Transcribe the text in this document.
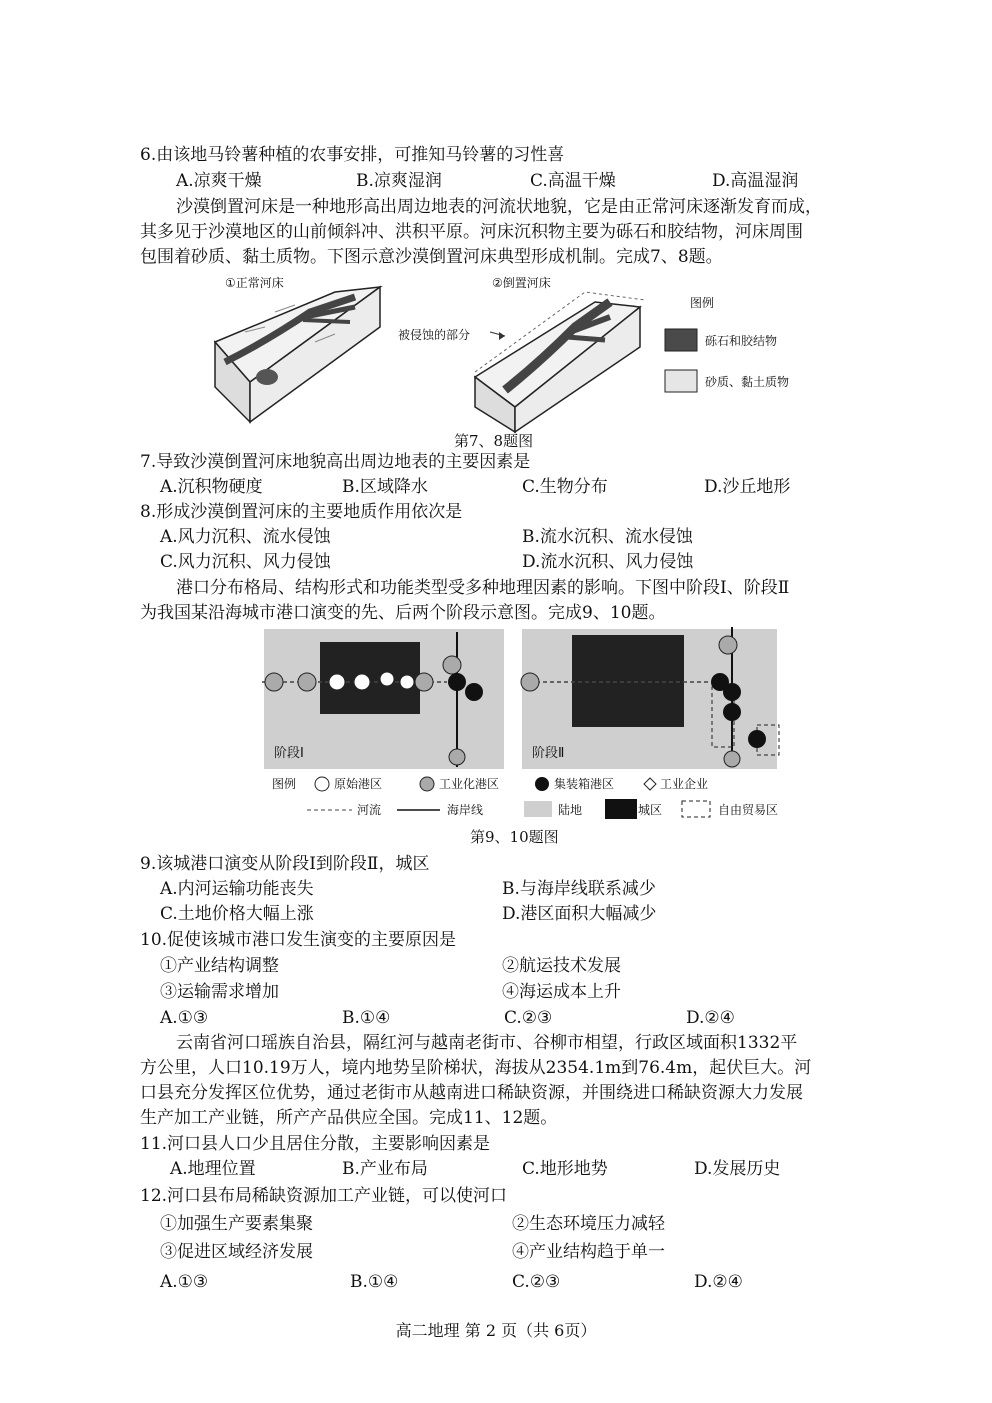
6.由该地马铃薯种植的农事安排，可推知马铃薯的习性喜
A.凉爽干燥	B.凉爽湿润	C.高温干燥	D.高温湿润
沙漠倒置河床是一种地形高出周边地表的河流状地貌，它是由正常河床逐渐发育而成，
其多见于沙漠地区的山前倾斜冲、洪积平原。河床沉积物主要为砾石和胶结物，河床周围
包围着砂质、黏土质物。下图示意沙漠倒置河床典型形成机制。完成7、8题。
①正常河床	②倒置河床
被侵蚀的部分
图例
砾石和胶结物
砂质、黏土质物
第7、8题图
7.导致沙漠倒置河床地貌高出周边地表的主要因素是
A.沉积物硬度	B.区域降水	C.生物分布	D.沙丘地形
8.形成沙漠倒置河床的主要地质作用依次是
A.风力沉积、流水侵蚀	B.流水沉积、流水侵蚀
C.风力沉积、风力侵蚀	D.流水沉积、风力侵蚀
港口分布格局、结构形式和功能类型受多种地理因素的影响。下图中阶段Ⅰ、阶段Ⅱ
为我国某沿海城市港口演变的先、后两个阶段示意图。完成9、10题。
阶段Ⅰ	阶段Ⅱ
图例	原始港区	工业化港区	集装箱港区	工业企业
河流	海岸线	陆地	城区	自由贸易区
第9、10题图
9.该城港口演变从阶段Ⅰ到阶段Ⅱ，城区
A.内河运输功能丧失	B.与海岸线联系减少
C.土地价格大幅上涨	D.港区面积大幅减少
10.促使该城市港口发生演变的主要原因是
①产业结构调整	②航运技术发展
③运输需求增加	④海运成本上升
A.①③	B.①④	C.②③	D.②④
云南省河口瑶族自治县，隔红河与越南老街市、谷柳市相望，行政区域面积1332平
方公里，人口10.19万人，境内地势呈阶梯状，海拔从2354.1m到76.4m，起伏巨大。河
口县充分发挥区位优势，通过老街市从越南进口稀缺资源，并围绕进口稀缺资源大力发展
生产加工产业链，所产产品供应全国。完成11、12题。
11.河口县人口少且居住分散，主要影响因素是
A.地理位置	B.产业布局	C.地形地势	D.发展历史
12.河口县布局稀缺资源加工产业链，可以使河口
①加强生产要素集聚	②生态环境压力减轻
③促进区域经济发展	④产业结构趋于单一
A.①③	B.①④	C.②③	D.②④
高二地理 第 2 页（共 6页）
